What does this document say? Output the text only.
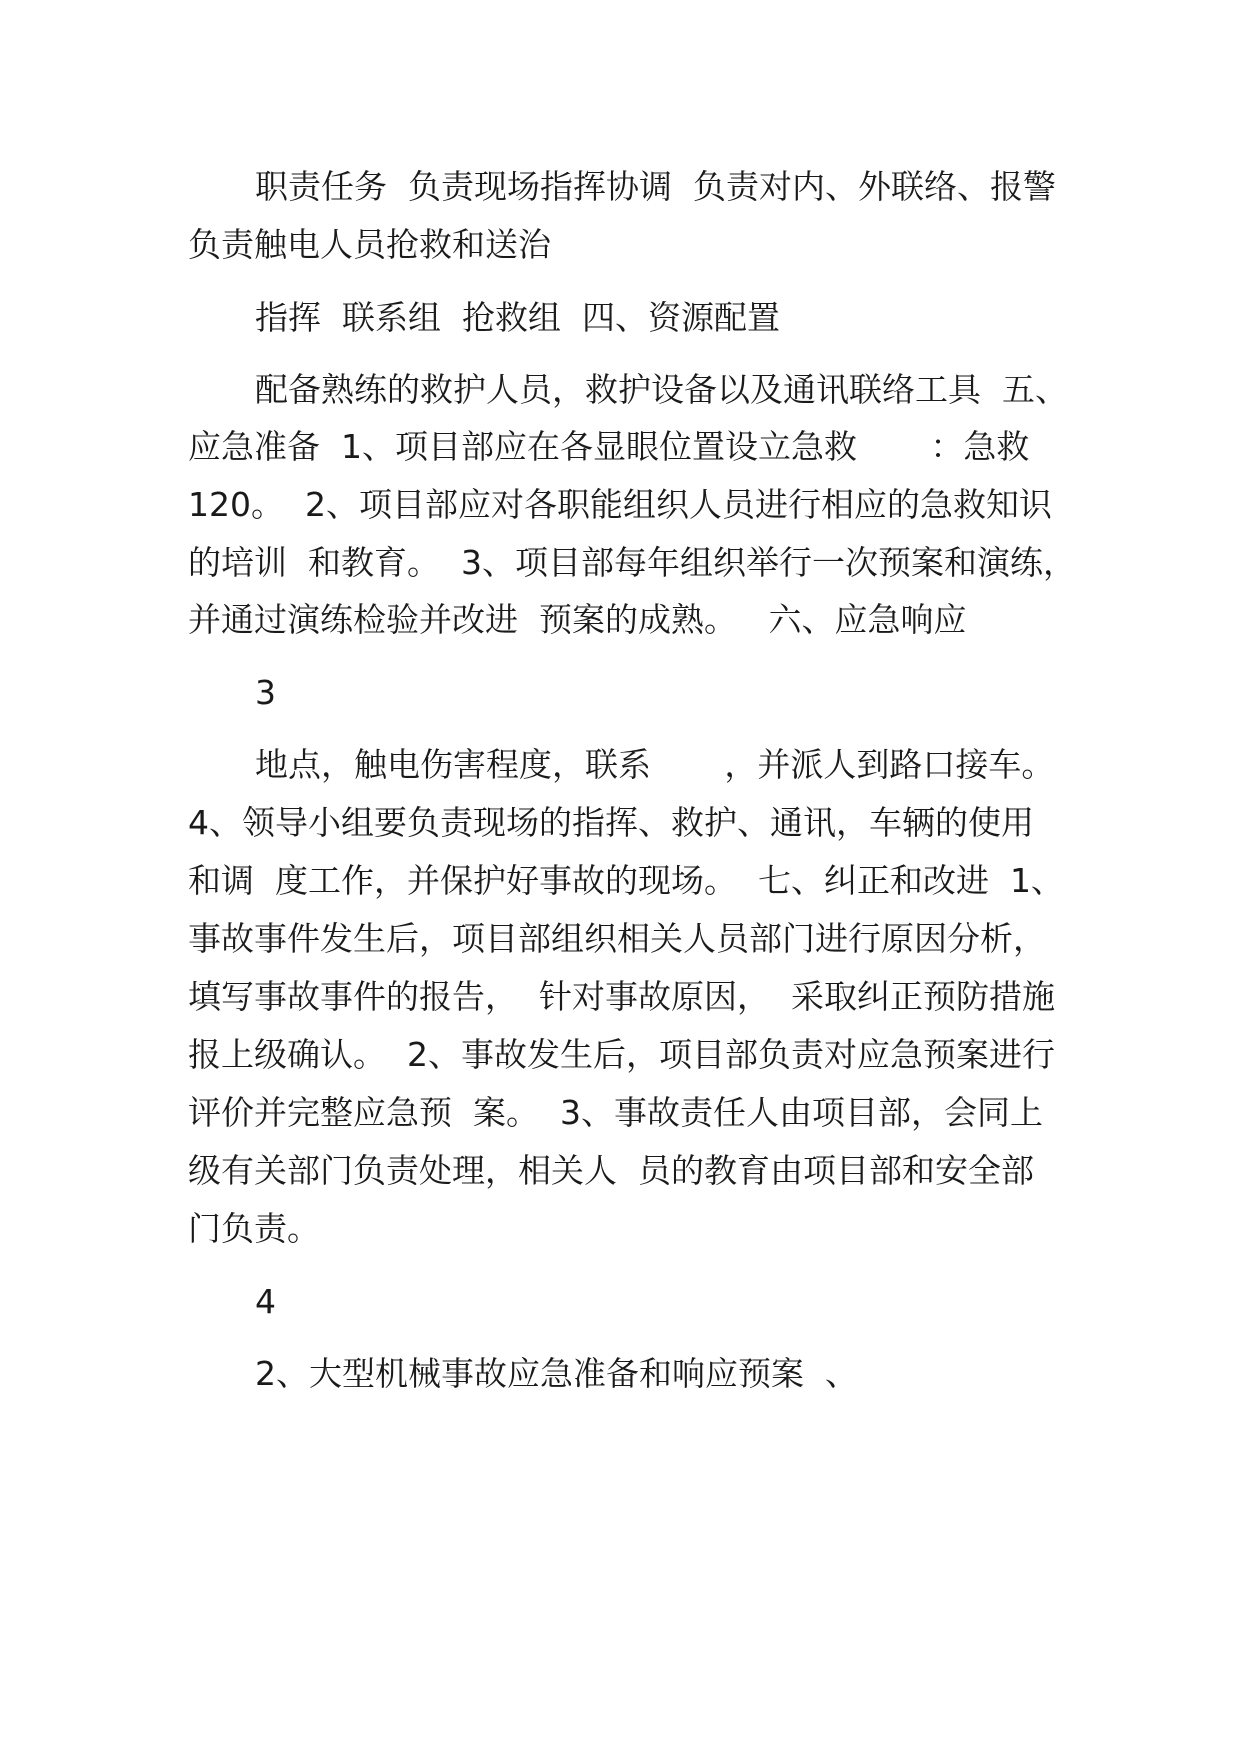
职责任务  负责现场指挥协调  负责对内、外联络、报警
负责触电人员抢救和送治
指挥  联系组  抢救组  四、资源配置
配备熟练的救护人员，救护设备以及通讯联络工具  五、
应急准备  1、项目部应在各显眼位置设立急救       ：急救
120。  2、项目部应对各职能组织人员进行相应的急救知识
的培训  和教育。  3、项目部每年组织举行一次预案和演练，
并通过演练检验并改进  预案的成熟。   六、应急响应
3
地点，触电伤害程度，联系       ，并派人到路口接车。
4、领导小组要负责现场的指挥、救护、通讯，车辆的使用
和调  度工作，并保护好事故的现场。  七、纠正和改进  1、
事故事件发生后，项目部组织相关人员部门进行原因分析，
填写事故事件的报告，  针对事故原因，  采取纠正预防措施
报上级确认。  2、事故发生后，项目部负责对应急预案进行
评价并完整应急预  案。  3、事故责任人由项目部，会同上
级有关部门负责处理，相关人  员的教育由项目部和安全部
门负责。
4
2、大型机械事故应急准备和响应预案  、
